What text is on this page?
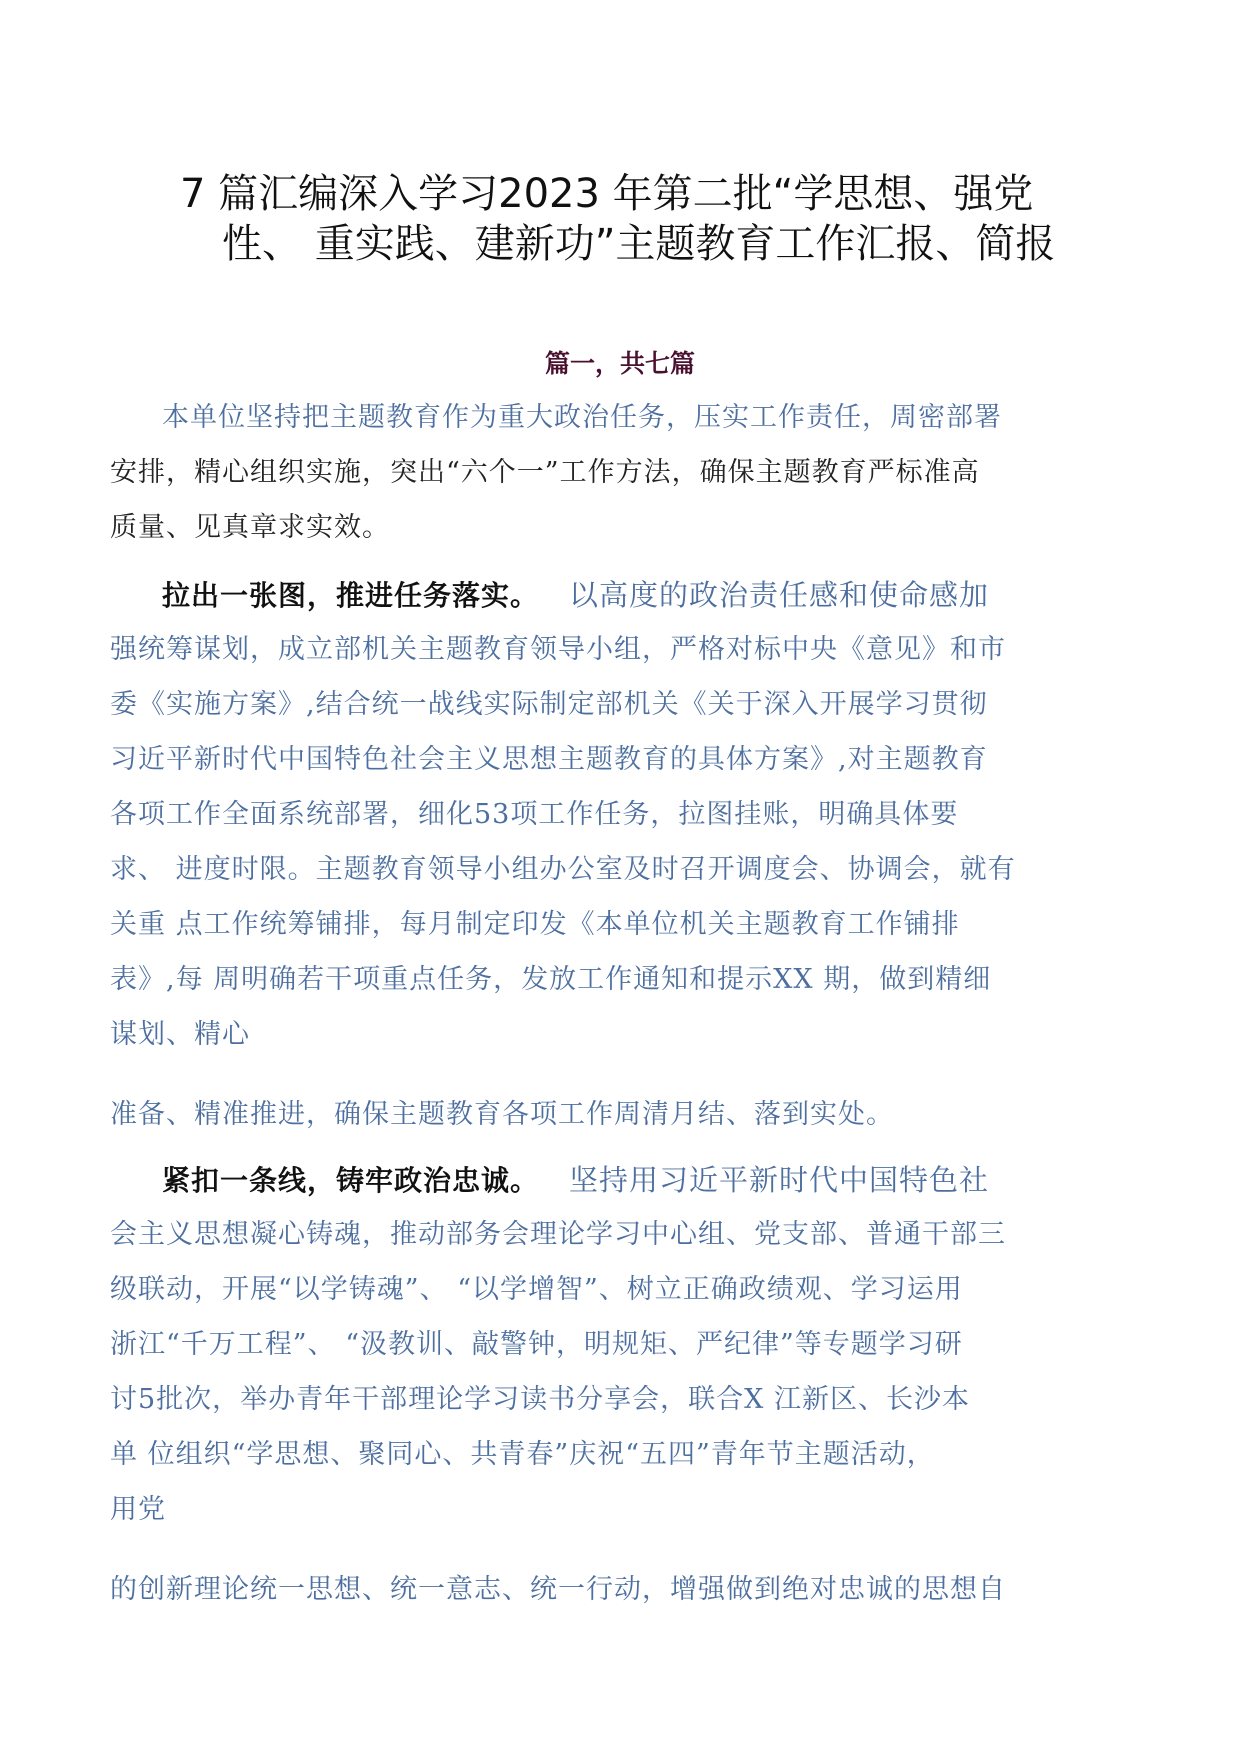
7 篇汇编深入学习2023 年第二批“学思想、强党
性、 重实践、建新功”主题教育工作汇报、简报
篇一，共七篇
本单位坚持把主题教育作为重大政治任务，压实工作责任，周密部署
安排，精心组织实施，突出“六个一”工作方法，确保主题教育严标准高
质量、见真章求实效。
拉出一张图，推进任务落实。 以高度的政治责任感和使命感加
强统筹谋划，成立部机关主题教育领导小组，严格对标中央《意见》和市
委《实施方案》,结合统一战线实际制定部机关《关于深入开展学习贯彻
习近平新时代中国特色社会主义思想主题教育的具体方案》,对主题教育
各项工作全面系统部署，细化53项工作任务，拉图挂账，明确具体要
求、 进度时限。主题教育领导小组办公室及时召开调度会、协调会，就有
关重 点工作统筹铺排，每月制定印发《本单位机关主题教育工作铺排
表》,每 周明确若干项重点任务，发放工作通知和提示XX 期，做到精细
谋划、精心
准备、精准推进，确保主题教育各项工作周清月结、落到实处。
紧扣一条线，铸牢政治忠诚。 坚持用习近平新时代中国特色社
会主义思想凝心铸魂，推动部务会理论学习中心组、党支部、普通干部三
级联动，开展“以学铸魂”、 “以学增智”、树立正确政绩观、学习运用
浙江“千万工程”、 “汲教训、敲警钟，明规矩、严纪律”等专题学习研
讨5批次，举办青年干部理论学习读书分享会，联合X 江新区、长沙本
单 位组织“学思想、聚同心、共青春”庆祝“五四”青年节主题活动，
用党
的创新理论统一思想、统一意志、统一行动，增强做到绝对忠诚的思想自
